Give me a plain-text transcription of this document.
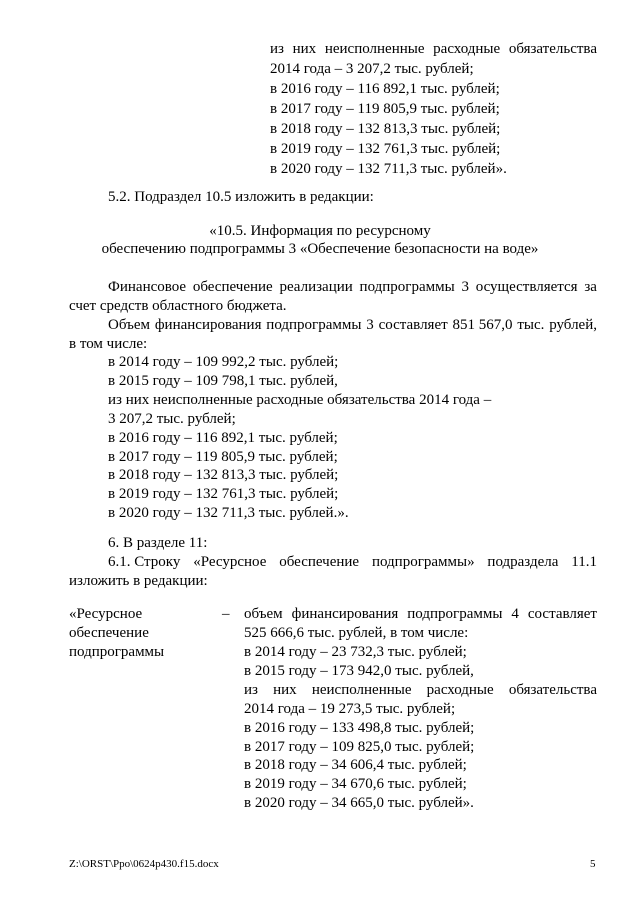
из них неисполненные расходные обязательства
2014 года – 3 207,2 тыс. рублей;
в 2016 году – 116 892,1 тыс. рублей;
в 2017 году – 119 805,9 тыс. рублей;
в 2018 году – 132 813,3 тыс. рублей;
в 2019 году – 132 761,3 тыс. рублей;
в 2020 году – 132 711,3 тыс. рублей».
5.2. Подраздел 10.5 изложить в редакции:
«10.5. Информация по ресурсному
обеспечению подпрограммы 3 «Обеспечение безопасности на воде»
Финансовое обеспечение реализации подпрограммы 3 осуществляется за
счет средств областного бюджета.
Объем финансирования подпрограммы 3 составляет 851 567,0 тыс. рублей,
в том числе:
в 2014 году – 109 992,2 тыс. рублей;
в 2015 году – 109 798,1 тыс. рублей,
из них неисполненные расходные обязательства 2014 года –
3 207,2 тыс. рублей;
в 2016 году – 116 892,1 тыс. рублей;
в 2017 году – 119 805,9 тыс. рублей;
в 2018 году – 132 813,3 тыс. рублей;
в 2019 году – 132 761,3 тыс. рублей;
в 2020 году – 132 711,3 тыс. рублей.».
6. В разделе 11:
6.1. Строку «Ресурсное обеспечение подпрограммы» подраздела 11.1
изложить в редакции:
«Ресурсное
обеспечение
подпрограммы
– объем финансирования подпрограммы 4 составляет
525 666,6 тыс. рублей, в том числе:
в 2014 году – 23 732,3 тыс. рублей;
в 2015 году – 173 942,0 тыс. рублей,
из них неисполненные расходные обязательства
2014 года – 19 273,5 тыс. рублей;
в 2016 году – 133 498,8 тыс. рублей;
в 2017 году – 109 825,0 тыс. рублей;
в 2018 году – 34 606,4 тыс. рублей;
в 2019 году – 34 670,6 тыс. рублей;
в 2020 году – 34 665,0 тыс. рублей».
Z:\ORST\Ppo\0624p430.f15.docx	5
